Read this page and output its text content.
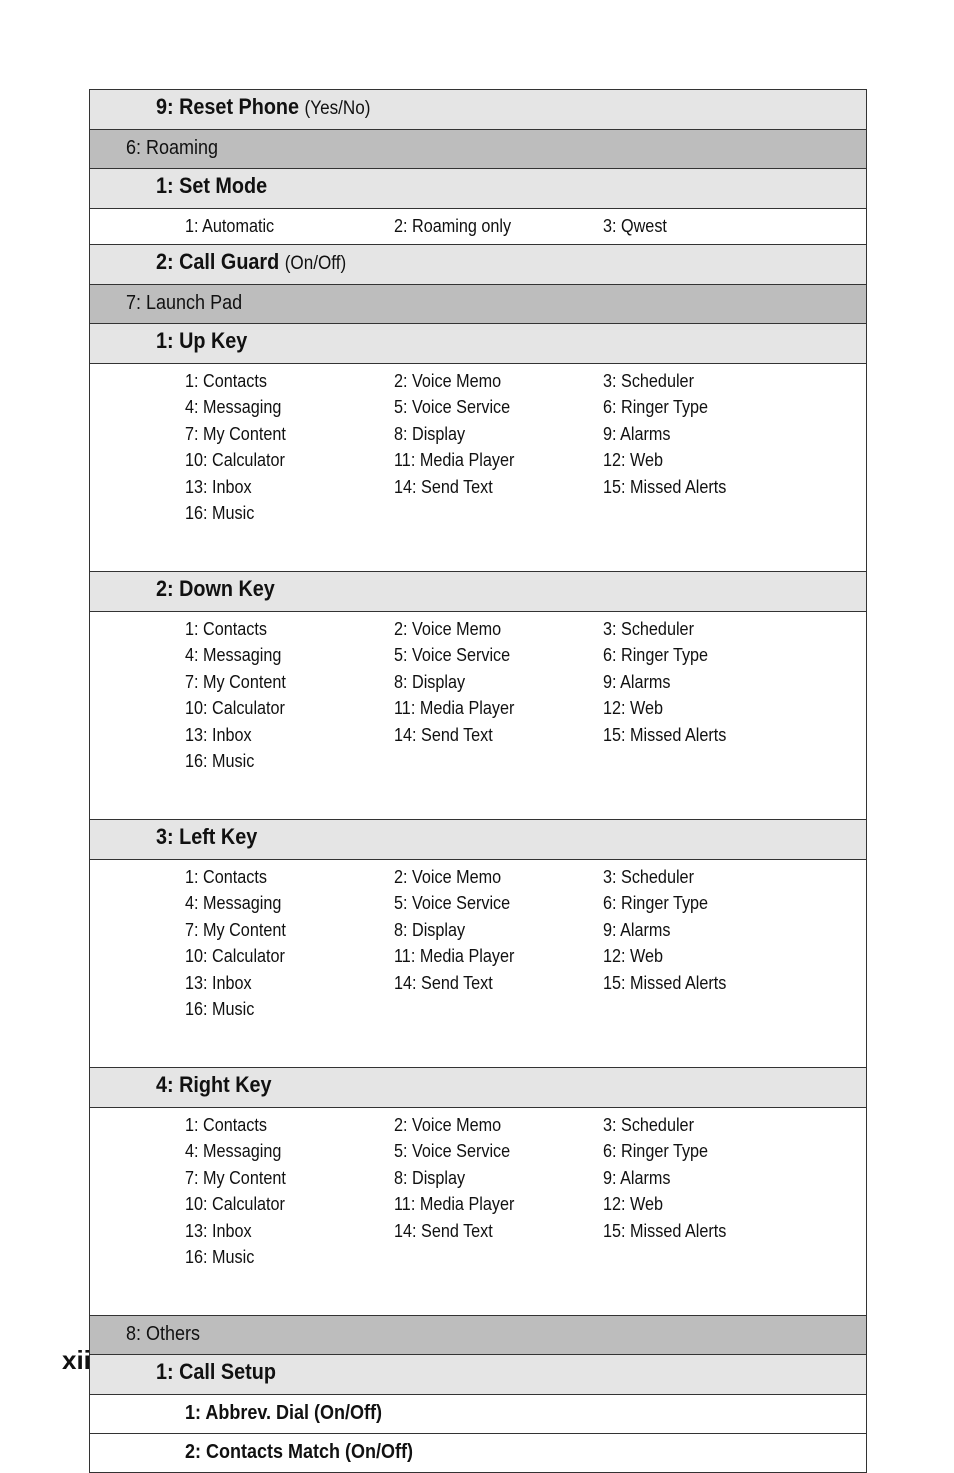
9: Reset Phone (Yes/No)
6: Roaming
1: Set Mode
1: Automatic	2: Roaming only	3: Qwest
2: Call Guard (On/Off)
7: Launch Pad
1: Up Key
1: Contacts	2: Voice Memo	3: Scheduler
4: Messaging	5: Voice Service	6: Ringer Type
7: My Content	8: Display	9: Alarms
10: Calculator	11: Media Player	12: Web
13: Inbox	14: Send Text	15: Missed Alerts
16: Music
2: Down Key
1: Contacts	2: Voice Memo	3: Scheduler
4: Messaging	5: Voice Service	6: Ringer Type
7: My Content	8: Display	9: Alarms
10: Calculator	11: Media Player	12: Web
13: Inbox	14: Send Text	15: Missed Alerts
16: Music
3: Left Key
1: Contacts	2: Voice Memo	3: Scheduler
4: Messaging	5: Voice Service	6: Ringer Type
7: My Content	8: Display	9: Alarms
10: Calculator	11: Media Player	12: Web
13: Inbox	14: Send Text	15: Missed Alerts
16: Music
4: Right Key
1: Contacts	2: Voice Memo	3: Scheduler
4: Messaging	5: Voice Service	6: Ringer Type
7: My Content	8: Display	9: Alarms
10: Calculator	11: Media Player	12: Web
13: Inbox	14: Send Text	15: Missed Alerts
16: Music
8: Others
1: Call Setup
1: Abbrev. Dial (On/Off)
2: Contacts Match (On/Off)
xii
